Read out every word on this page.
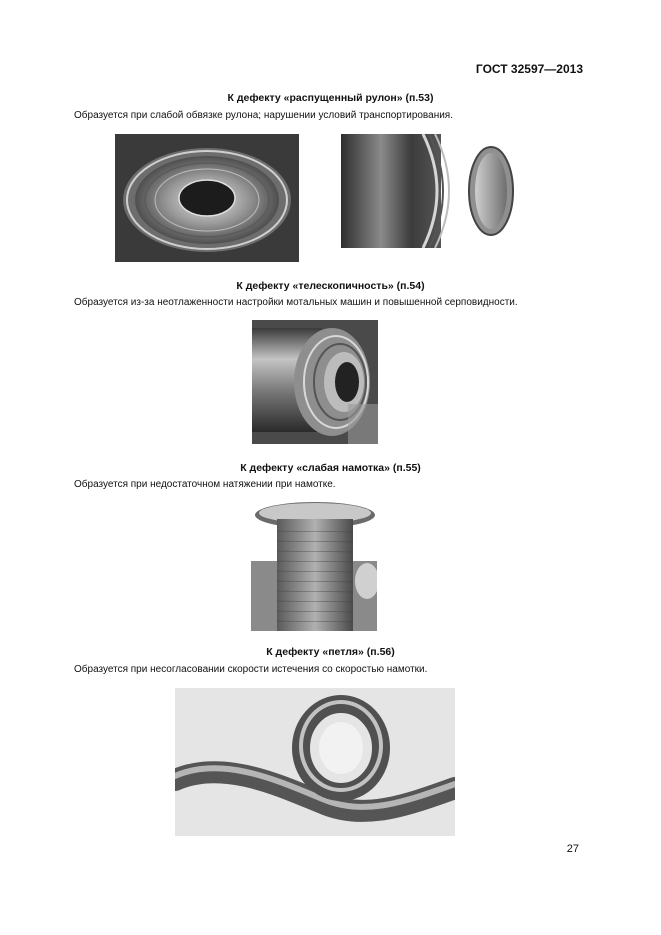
ГОСТ 32597—2013
К дефекту «распущенный рулон» (п.53)
Образуется при слабой обвязке рулона; нарушении условий транспортирования.
К дефекту «телескопичность» (п.54)
Образуется из-за неотлаженности настройки мотальных машин и повышенной серповидности.
К дефекту «слабая намотка» (п.55)
Образуется при недостаточном натяжении при намотке.
К дефекту «петля» (п.56)
Образуется при несогласовании скорости истечения со скоростью намотки.
27
